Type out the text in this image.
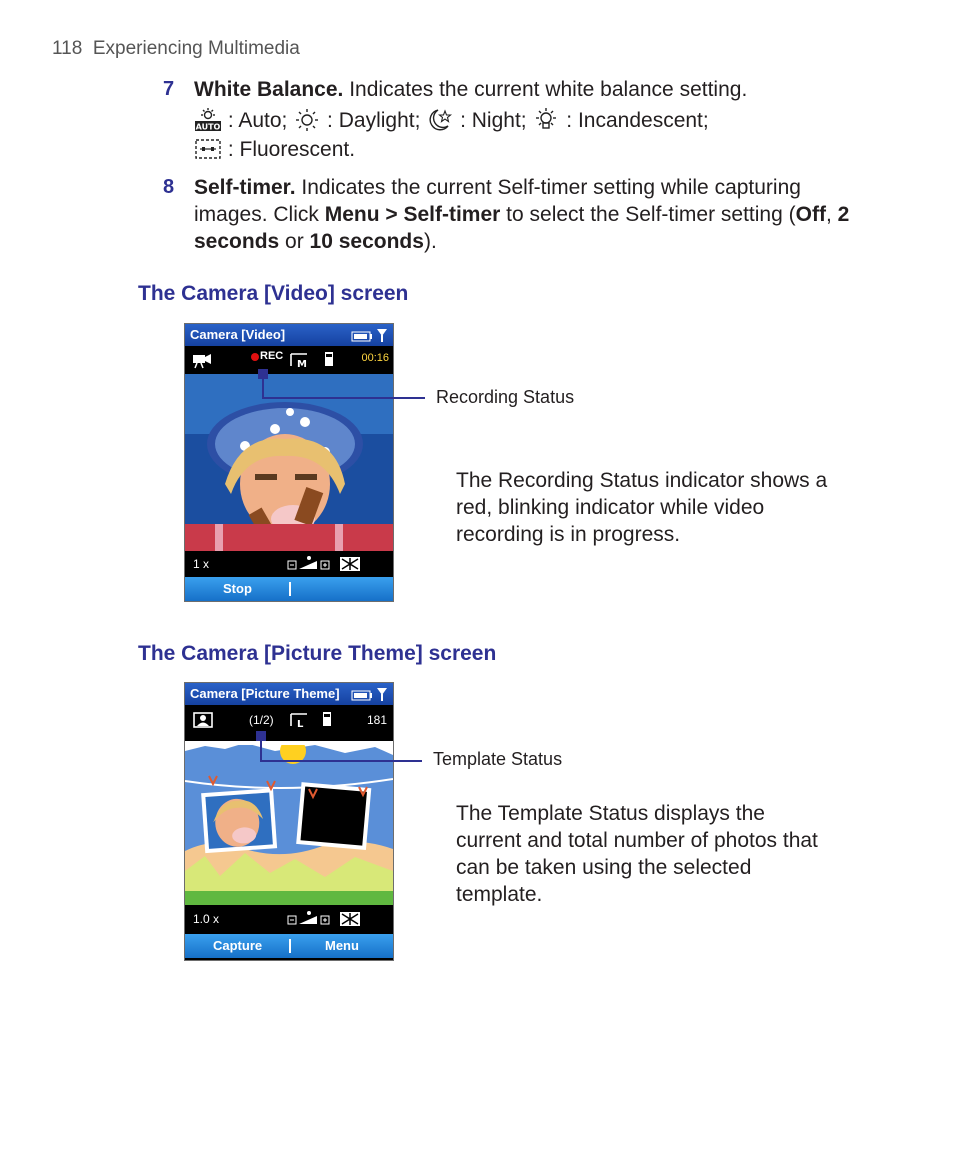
118 Experiencing Multimedia
7 White Balance. Indicates the current white balance setting.
AUTO : Auto;  : Daylight;  : Night;  : Incandescent;
: Fluorescent.
8 Self-timer. Indicates the current Self-timer setting while capturing images. Click Menu > Self-timer to select the Self-timer setting (Off, 2 seconds or 10 seconds).
The Camera [Video] screen
Camera [Video]
REC
M
00:16
1 x
Stop
Recording Status
The Recording Status indicator shows a red, blinking indicator while video recording is in progress.
The Camera [Picture Theme] screen
Camera [Picture Theme]
(1/2) L	181
1.0 x
Capture	Menu
Template Status
The Template Status displays the current and total number of photos that can be taken using the selected template.
